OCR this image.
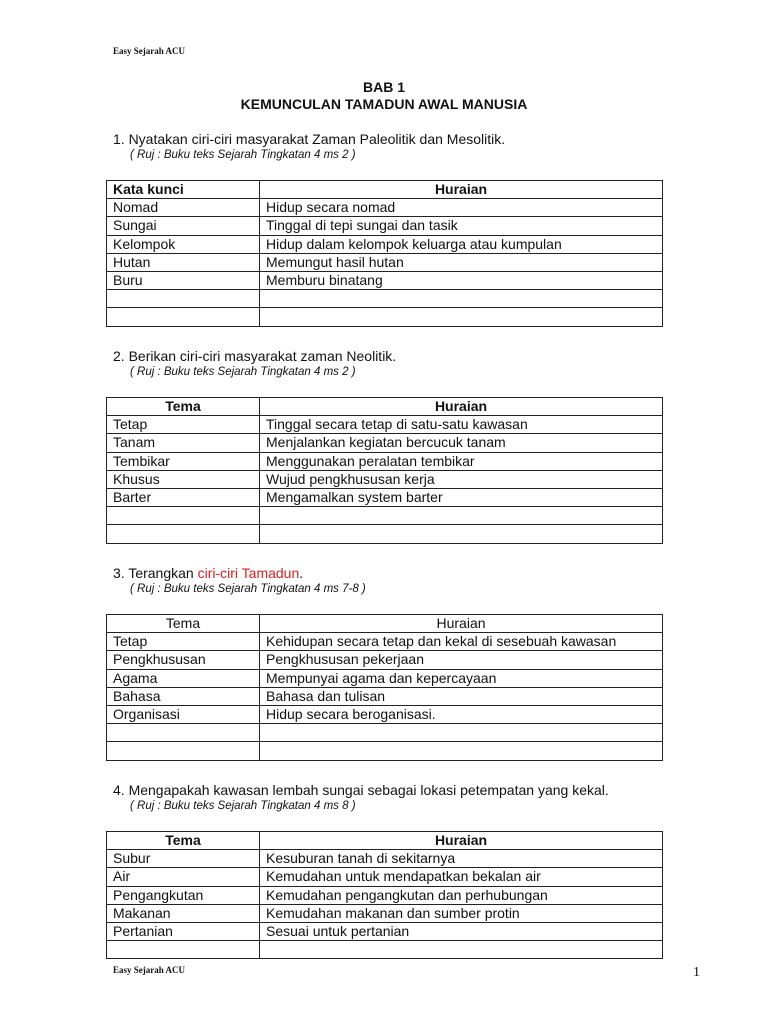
Easy Sejarah ACU
BAB 1
KEMUNCULAN TAMADUN AWAL MANUSIA
1. Nyatakan ciri-ciri masyarakat Zaman Paleolitik dan Mesolitik.
( Ruj : Buku teks Sejarah Tingkatan 4 ms 2 )
Kata kunci	Huraian
Nomad	Hidup secara nomad
Sungai	Tinggal di tepi sungai dan tasik
Kelompok	Hidup dalam kelompok keluarga atau kumpulan
Hutan	Memungut hasil hutan
Buru	Memburu binatang

2. Berikan ciri-ciri masyarakat zaman Neolitik.
( Ruj : Buku teks Sejarah Tingkatan 4 ms 2 )
Tema	Huraian
Tetap	Tinggal secara tetap di satu-satu kawasan
Tanam	Menjalankan kegiatan bercucuk tanam
Tembikar	Menggunakan peralatan tembikar
Khusus	Wujud pengkhususan kerja
Barter	Mengamalkan system barter

3. Terangkan ciri-ciri Tamadun.
( Ruj : Buku teks Sejarah Tingkatan 4 ms 7-8 )
Tema	Huraian
Tetap	Kehidupan secara tetap dan kekal di sesebuah kawasan
Pengkhususan	Pengkhususan pekerjaan
Agama	Mempunyai agama dan kepercayaan
Bahasa	Bahasa dan tulisan
Organisasi	Hidup secara beroganisasi.

4. Mengapakah kawasan lembah sungai sebagai lokasi petempatan yang kekal.
( Ruj : Buku teks Sejarah Tingkatan 4 ms 8 )
Tema	Huraian
Subur	Kesuburan tanah di sekitarnya
Air	Kemudahan untuk mendapatkan bekalan air
Pengangkutan	Kemudahan pengangkutan dan perhubungan
Makanan	Kemudahan makanan dan sumber protin
Pertanian	Sesuai untuk pertanian

Easy Sejarah ACU	1
